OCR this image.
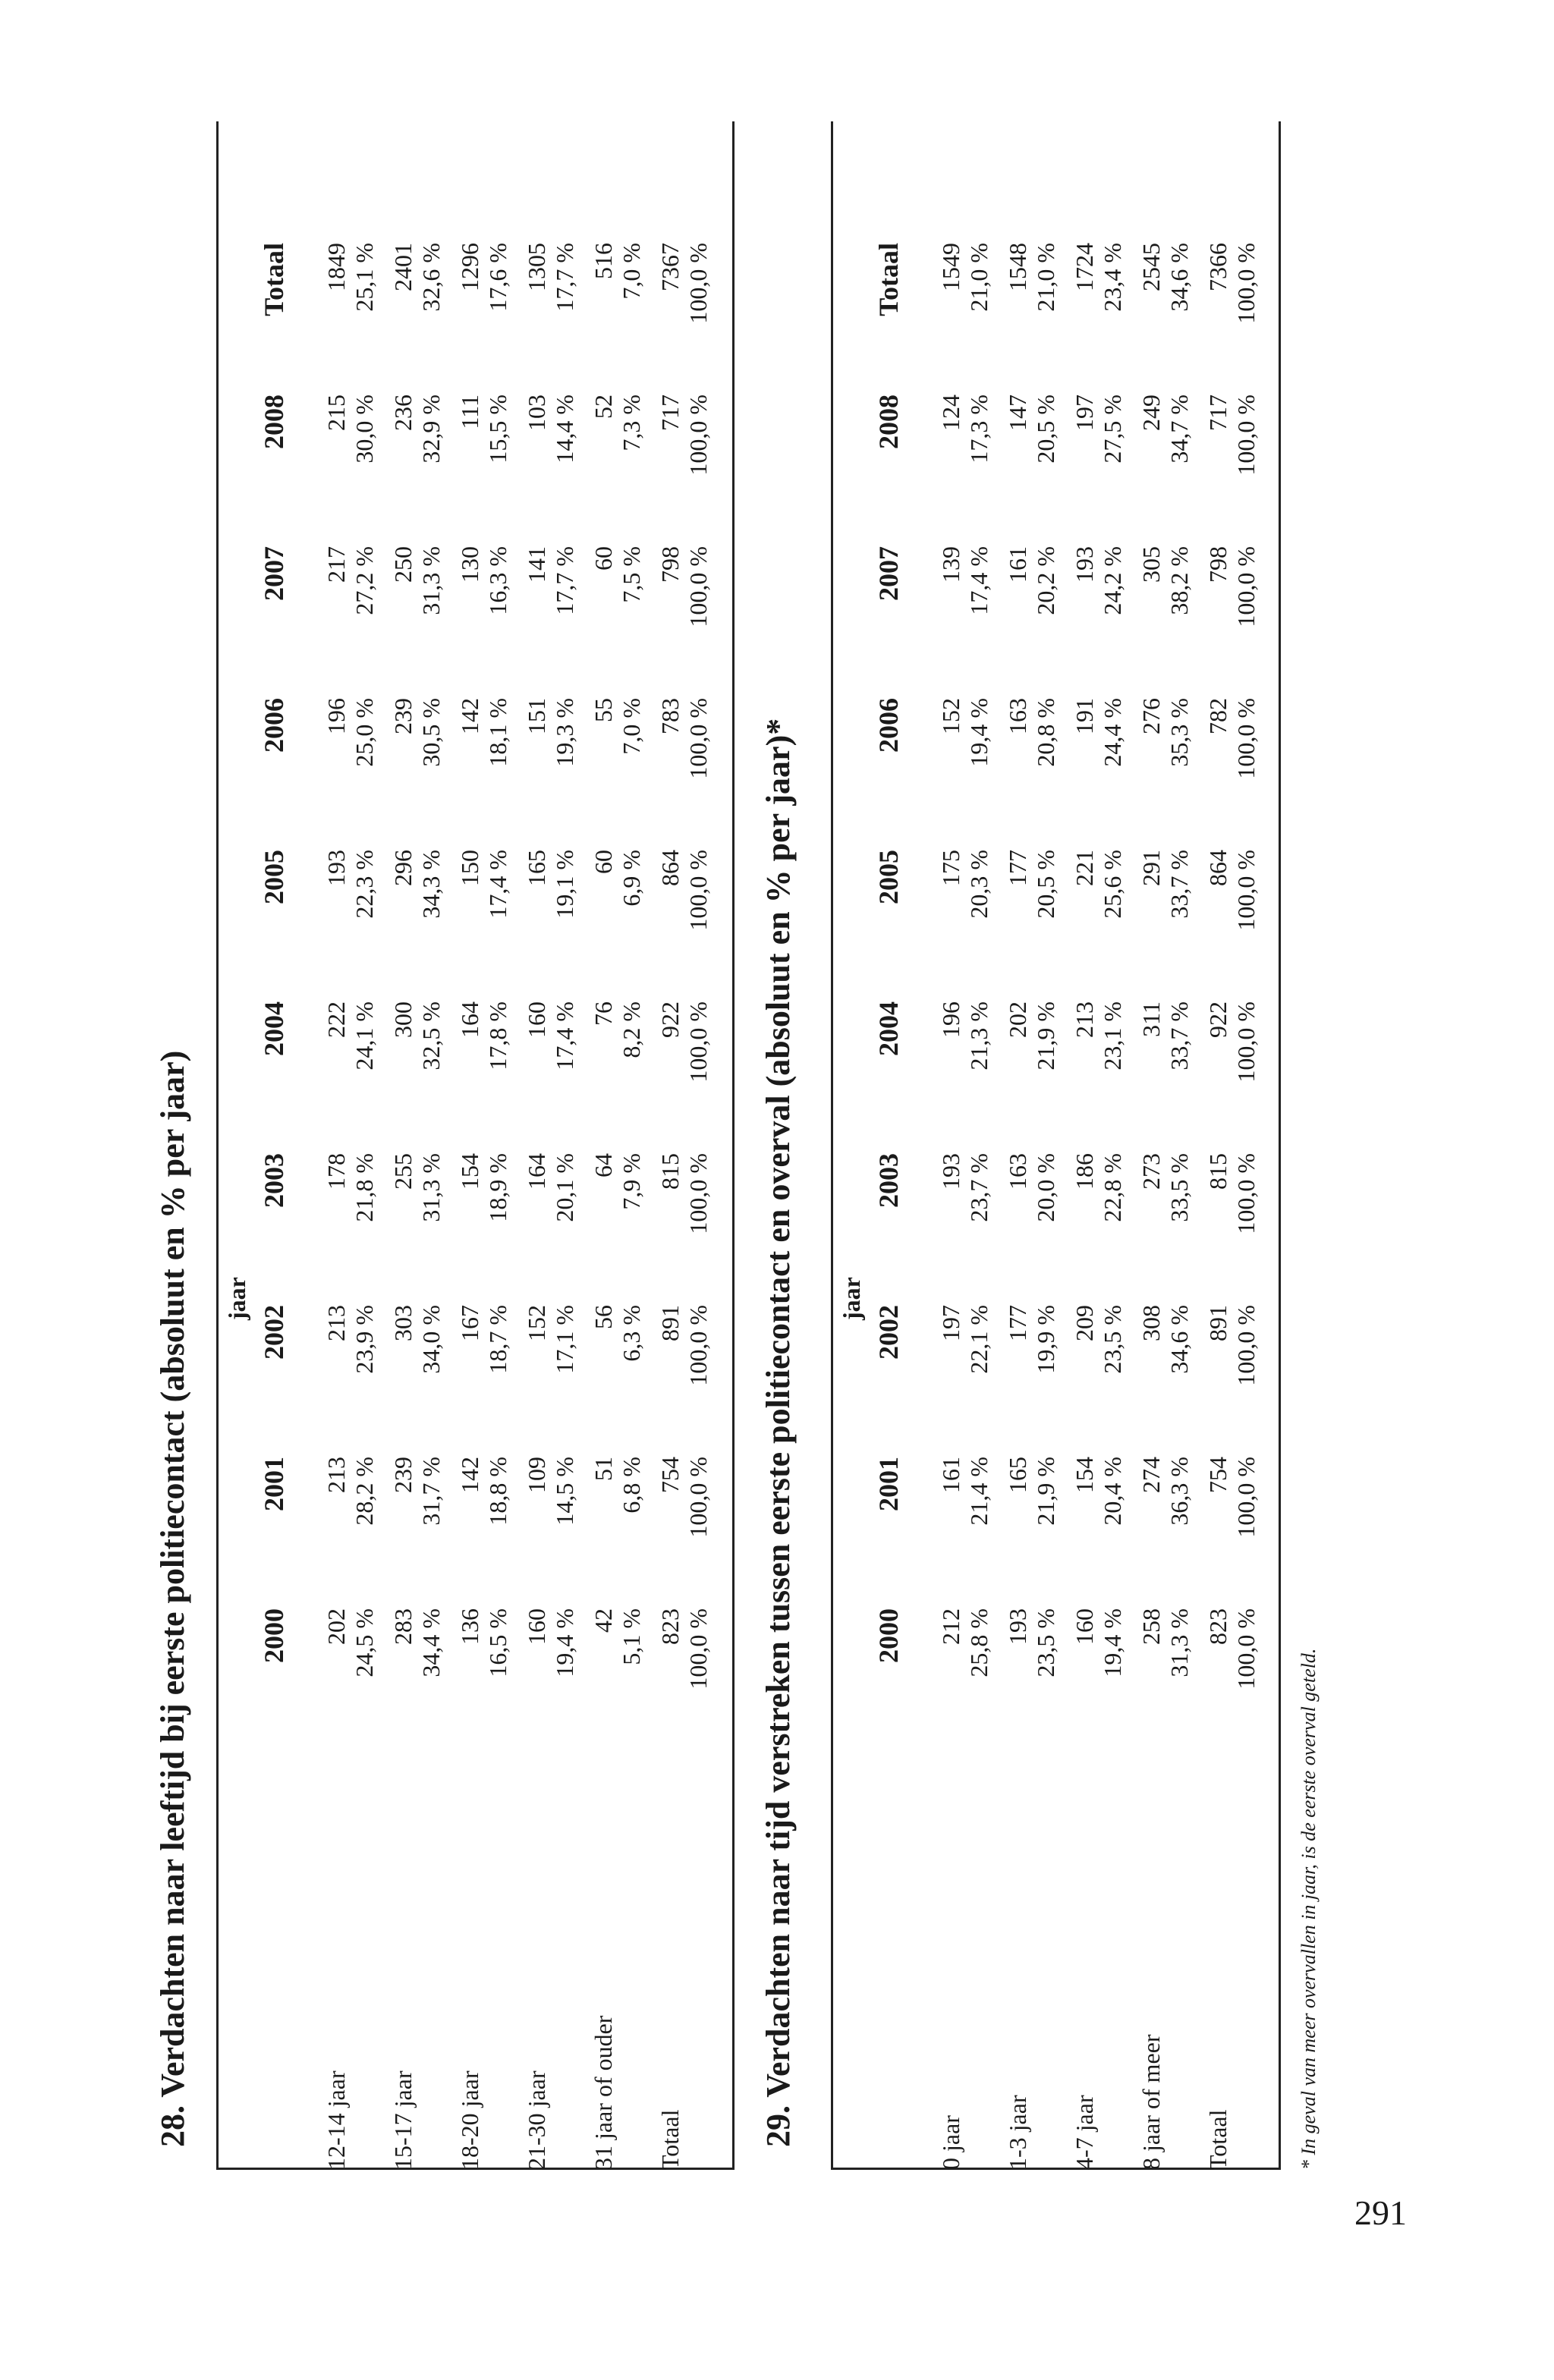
28. Verdachten naar leeftijd bij eerste politiecontact (absoluut en % per jaar) jaar
2000
2001
2002
2003
2004
2005
2006
2007
2008
Totaal
12-14 jaar
202 24,5 %
213 28,2 %
213 23,9 %
178 21,8 %
222 24,1 %
193 22,3 %
196 25,0 %
217 27,2 %
215 30,0 %
1849 25,1 %
15-17 jaar
283 34,4 %
239 31,7 %
303 34,0 %
255 31,3 %
300 32,5 %
296 34,3 %
239 30,5 %
250 31,3 %
236 32,9 %
2401 32,6 %
18-20 jaar
136 16,5 %
142 18,8 %
167 18,7 %
154 18,9 %
164 17,8 %
150 17,4 %
142 18,1 %
130 16,3 %
111 15,5 %
1296 17,6 %
21-30 jaar
160 19,4 %
109 14,5 %
152 17,1 %
164 20,1 %
160 17,4 %
165 19,1 %
151 19,3 %
141 17,7 %
103 14,4 %
1305 17,7 %
31 jaar of ouder
42 5,1 %
51 6,8 %
56 6,3 %
64 7,9 %
76 8,2 %
60 6,9 %
55 7,0 %
60 7,5 %
52 7,3 %
516 7,0 %
Totaal
823 100,0 %
754 100,0 %
891 100,0 %
815 100,0 %
922 100,0 %
864 100,0 %
783 100,0 %
798 100,0 %
717 100,0 %
7367 100,0 %
29. Verdachten naar tijd verstreken tussen eerste politiecontact en overval (absoluut en % per jaar)* jaar
2000
2001
2002
2003
2004
2005
2006
2007
2008
Totaal
0 jaar
212 25,8 %
161 21,4 %
197 22,1 %
193 23,7 %
196 21,3 %
175 20,3 %
152 19,4 %
139 17,4 %
124 17,3 %
1549 21,0 %
1-3 jaar
193 23,5 %
165 21,9 %
177 19,9 %
163 20,0 %
202 21,9 %
177 20,5 %
163 20,8 %
161 20,2 %
147 20,5 %
1548 21,0 %
4-7 jaar
160 19,4 %
154 20,4 %
209 23,5 %
186 22,8 %
213 23,1 %
221 25,6 %
191 24,4 %
193 24,2 %
197 27,5 %
1724 23,4 %
8 jaar of meer
258 31,3 %
274 36,3 %
308 34,6 %
273 33,5 %
311 33,7 %
291 33,7 %
276 35,3 %
305 38,2 %
249 34,7 %
2545 34,6 %
Totaal
823 100,0 %
754 100,0 %
891 100,0 %
815 100,0 %
922 100,0 %
864 100,0 %
782 100,0 %
798 100,0 %
717 100,0 %
7366 100,0 %
* In geval van meer overvallen in jaar, is de eerste overval geteld.
291
